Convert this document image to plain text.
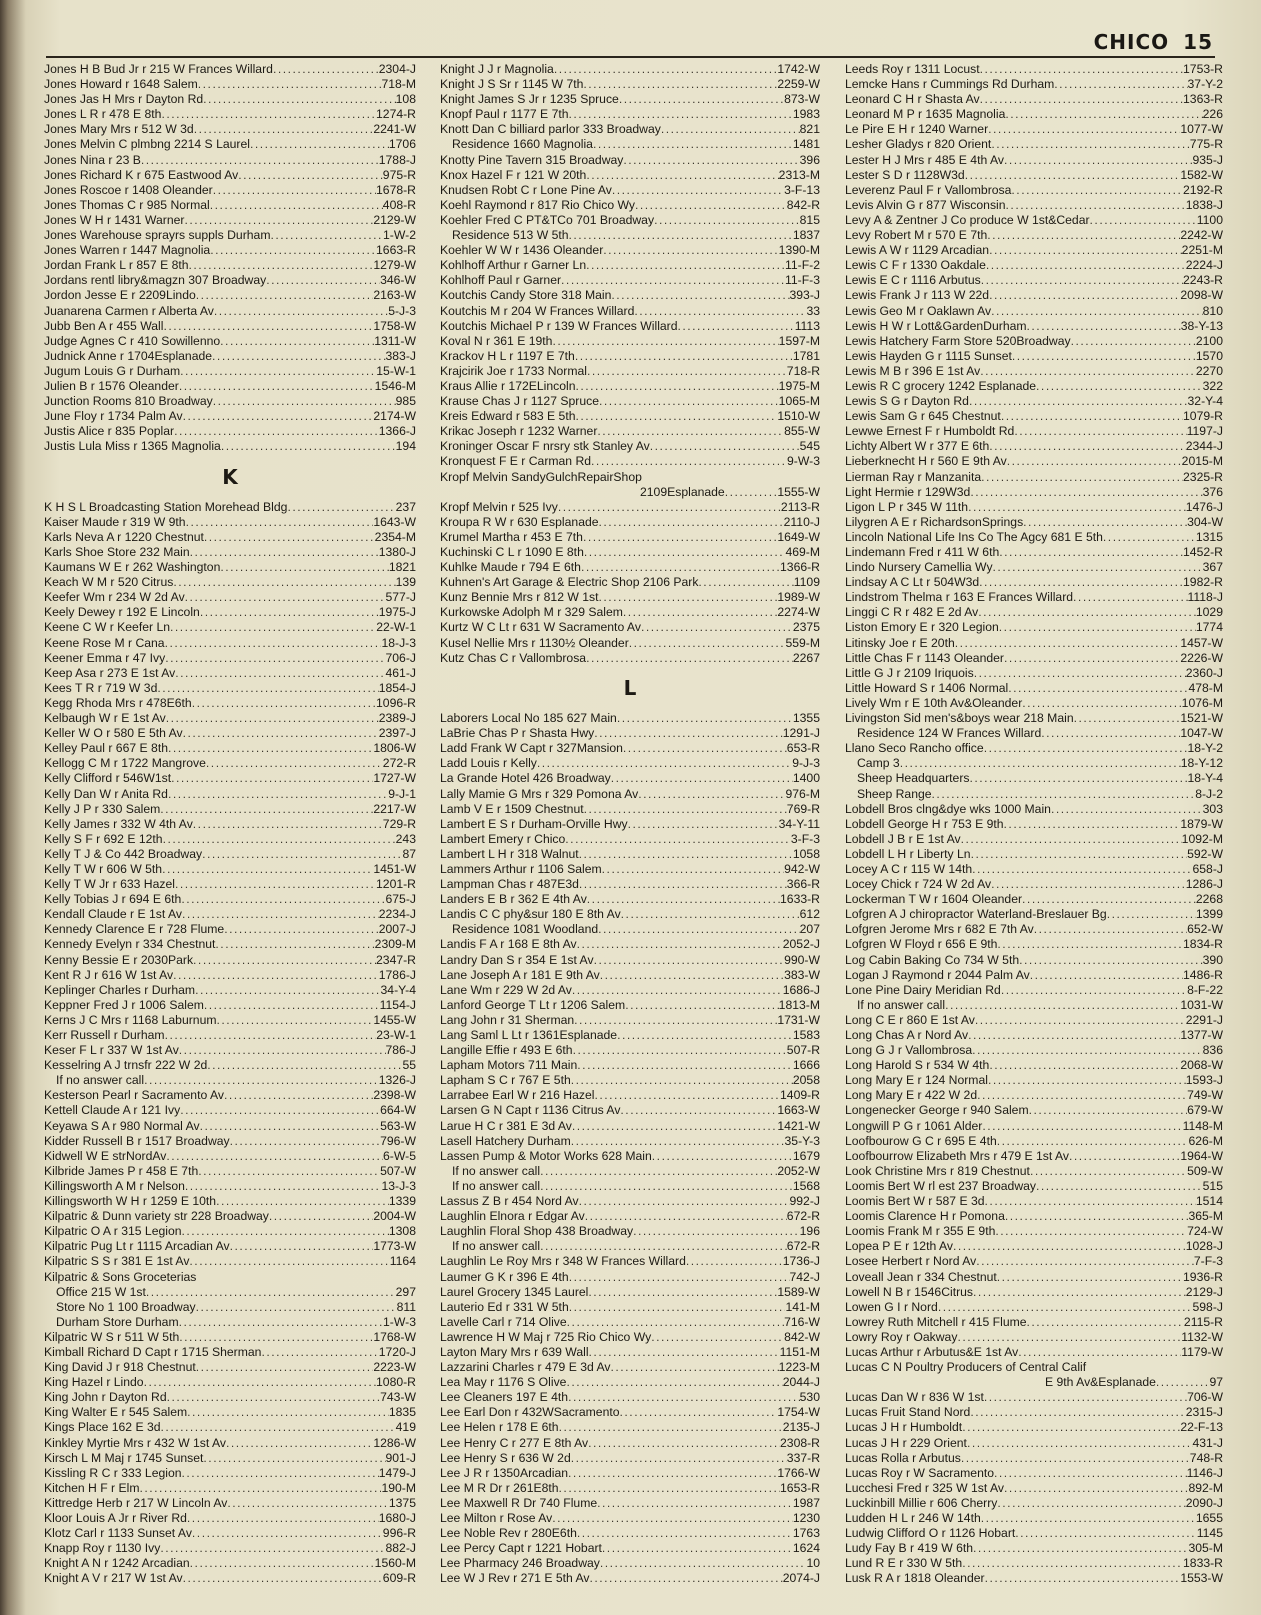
CHICO 15
Jones H B Bud Jr r 215 W Frances Willard .....	2304-J
Jones Howard r 1648 Salem .....	718-M
Jones Jas H Mrs r Dayton Rd .....	108
Jones L R r 478 E 8th .....	1274-R
Jones Mary Mrs r 512 W 3d .....	2241-W
Jones Melvin C plmbng 2214 S Laurel .....	1706
Jones Nina r 23 B .....	1788-J
Jones Richard K r 675 Eastwood Av .....	975-R
Jones Roscoe r 1408 Oleander .....	1678-R
Jones Thomas C r 985 Normal .....	408-R
Jones W H r 1431 Warner .....	2129-W
Jones Warehouse sprayrs suppls Durham .....	1-W-2
Jones Warren r 1447 Magnolia .....	1663-R
Jordan Frank L r 857 E 8th .....	1279-W
Jordans rentl libry&magzn 307 Broadway .....	346-W
Jordon Jesse E r 2209Lindo .....	2163-W
Juanarena Carmen r Alberta Av .....	5-J-3
Jubb Ben A r 455 Wall .....	1758-W
Judge Agnes C r 410 Sowillenno .....	1311-W
Judnick Anne r 1704Esplanade .....	383-J
Jugum Louis G r Durham .....	15-W-1
Julien B r 1576 Oleander .....	1546-M
Junction Rooms 810 Broadway .....	985
June Floy r 1734 Palm Av .....	2174-W
Justis Alice r 835 Poplar .....	1366-J
Justis Lula Miss r 1365 Magnolia .....	194
K
K H S L Broadcasting Station Morehead Bldg .....	237
Kaiser Maude r 319 W 9th .....	1643-W
Karls Neva A r 1220 Chestnut .....	2354-M
Karls Shoe Store 232 Main .....	1380-J
Kaumans W E r 262 Washington .....	1821
Keach W M r 520 Citrus .....	139
Keefer Wm r 234 W 2d Av .....	577-J
Keely Dewey r 192 E Lincoln .....	1975-J
Keene C W r Keefer Ln .....	22-W-1
Keene Rose M r Cana .....	18-J-3
Keener Emma r 47 Ivy .....	706-J
Keep Asa r 273 E 1st Av .....	461-J
Kees T R r 719 W 3d .....	1854-J
Kegg Rhoda Mrs r 478E6th .....	1096-R
Kelbaugh W r E 1st Av .....	2389-J
Keller W O r 580 E 5th Av .....	2397-J
Kelley Paul r 667 E 8th .....	1806-W
Kellogg C M r 1722 Mangrove .....	272-R
Kelly Clifford r 546W1st .....	1727-W
Kelly Dan W r Anita Rd .....	9-J-1
Kelly J P r 330 Salem .....	2217-W
Kelly James r 332 W 4th Av .....	729-R
Kelly S F r 692 E 12th .....	243
Kelly T J & Co 442 Broadway .....	87
Kelly T W r 606 W 5th .....	1451-W
Kelly T W Jr r 633 Hazel .....	1201-R
Kelly Tobias J r 694 E 6th .....	675-J
Kendall Claude r E 1st Av .....	2234-J
Kennedy Clarence E r 728 Flume .....	2007-J
Kennedy Evelyn r 334 Chestnut .....	2309-M
Kenny Bessie E r 2030Park .....	2347-R
Kent R J r 616 W 1st Av .....	1786-J
Keplinger Charles r Durham .....	34-Y-4
Keppner Fred J r 1006 Salem .....	1154-J
Kerns J C Mrs r 1168 Laburnum .....	1455-W
Kerr Russell r Durham .....	23-W-1
Keser F L r 337 W 1st Av .....	786-J
Kesselring A J trnsfr 222 W 2d .....	55
If no answer call .....	1326-J
Kesterson Pearl r Sacramento Av .....	2398-W
Kettell Claude A r 121 Ivy .....	664-W
Keyawa S A r 980 Normal Av .....	563-W
Kidder Russell B r 1517 Broadway .....	796-W
Kidwell W E strNordAv .....	6-W-5
Kilbride James P r 458 E 7th .....	507-W
Killingsworth A M r Nelson .....	13-J-3
Killingsworth W H r 1259 E 10th .....	1339
Kilpatric & Dunn variety str 228 Broadway .....	2004-W
Kilpatric O A r 315 Legion .....	1308
Kilpatric Pug Lt r 1115 Arcadian Av .....	1773-W
Kilpatric S S r 381 E 1st Av .....	1164
Kilpatric & Sons Groceterias
Office 215 W 1st .....	297
Store No 1 100 Broadway .....	811
Durham Store Durham .....	1-W-3
Kilpatric W S r 511 W 5th .....	1768-W
Kimball Richard D Capt r 1715 Sherman .....	1720-J
King David J r 918 Chestnut .....	2223-W
King Hazel r Lindo .....	1080-R
King John r Dayton Rd .....	743-W
King Walter E r 545 Salem .....	1835
Kings Place 162 E 3d .....	419
Kinkley Myrtie Mrs r 432 W 1st Av .....	1286-W
Kirsch L M Maj r 1745 Sunset .....	901-J
Kissling R C r 333 Legion .....	1479-J
Kitchen H F r Elm .....	190-M
Kittredge Herb r 217 W Lincoln Av .....	1375
Kloor Louis A Jr r River Rd .....	1680-J
Klotz Carl r 1133 Sunset Av .....	996-R
Knapp Roy r 1130 Ivy .....	882-J
Knight A N r 1242 Arcadian .....	1560-M
Knight A V r 217 W 1st Av .....	609-R
Knight J J r Magnolia .....	1742-W
Knight J S Sr r 1145 W 7th .....	2259-W
Knight James S Jr r 1235 Spruce .....	873-W
Knopf Paul r 1177 E 7th .....	1983
Knott Dan C billiard parlor 333 Broadway .....	821
Residence 1660 Magnolia .....	1481
Knotty Pine Tavern 315 Broadway .....	396
Knox Hazel F r 121 W 20th .....	2313-M
Knudsen Robt C r Lone Pine Av .....	3-F-13
Koehl Raymond r 817 Rio Chico Wy .....	842-R
Koehler Fred C PT&TCo 701 Broadway .....	815
Residence 513 W 5th .....	1837
Koehler W W r 1436 Oleander .....	1390-M
Kohlhoff Arthur r Garner Ln .....	11-F-2
Kohlhoff Paul r Garner .....	11-F-3
Koutchis Candy Store 318 Main .....	393-J
Koutchis M r 204 W Frances Willard .....	33
Koutchis Michael P r 139 W Frances Willard .....	1113
Koval N r 361 E 19th .....	1597-M
Krackov H L r 1197 E 7th .....	1781
Krajcirik Joe r 1733 Normal .....	718-R
Kraus Allie r 172ELincoln .....	1975-M
Krause Chas J r 1127 Spruce .....	1065-M
Kreis Edward r 583 E 5th .....	1510-W
Krikac Joseph r 1232 Warner .....	855-W
Kroninger Oscar F nrsry stk Stanley Av .....	545
Kronquest F E r Carman Rd .....	9-W-3
Kropf Melvin SandyGulchRepairShop
2109Esplanade .....	1555-W
Kropf Melvin r 525 Ivy .....	2113-R
Kroupa R W r 630 Esplanade .....	2110-J
Krumel Martha r 453 E 7th .....	1649-W
Kuchinski C L r 1090 E 8th .....	469-M
Kuhlke Maude r 794 E 6th .....	1366-R
Kuhnen's Art Garage & Electric Shop 2106 Park .....	1109
Kunz Bennie Mrs r 812 W 1st .....	1989-W
Kurkowske Adolph M r 329 Salem .....	2274-W
Kurtz W C Lt r 631 W Sacramento Av .....	2375
Kusel Nellie Mrs r 1130½ Oleander .....	559-M
Kutz Chas C r Vallombrosa .....	2267
L
Laborers Local No 185 627 Main .....	1355
LaBrie Chas P r Shasta Hwy .....	1291-J
Ladd Frank W Capt r 327Mansion .....	653-R
Ladd Louis r Kelly .....	9-J-3
La Grande Hotel 426 Broadway .....	1400
Lally Mamie G Mrs r 329 Pomona Av .....	976-M
Lamb V E r 1509 Chestnut .....	769-R
Lambert E S r Durham-Orville Hwy .....	34-Y-11
Lambert Emery r Chico .....	3-F-3
Lambert L H r 318 Walnut .....	1058
Lammers Arthur r 1106 Salem .....	942-W
Lampman Chas r 487E3d .....	366-R
Landers E B r 362 E 4th Av .....	1633-R
Landis C C phy&sur 180 E 8th Av .....	612
Residence 1081 Woodland .....	207
Landis F A r 168 E 8th Av .....	2052-J
Landry Dan S r 354 E 1st Av .....	990-W
Lane Joseph A r 181 E 9th Av .....	383-W
Lane Wm r 229 W 2d Av .....	1686-J
Lanford George T Lt r 1206 Salem .....	1813-M
Lang John r 31 Sherman .....	1731-W
Lang Saml L Lt r 1361Esplanade .....	1583
Langille Effie r 493 E 6th .....	507-R
Lapham Motors 711 Main .....	1666
Lapham S C r 767 E 5th .....	2058
Larrabee Earl W r 216 Hazel .....	1409-R
Larsen G N Capt r 1136 Citrus Av .....	1663-W
Larue H C r 381 E 3d Av .....	1421-W
Lasell Hatchery Durham .....	35-Y-3
Lassen Pump & Motor Works 628 Main .....	1679
If no answer call .....	2052-W
If no answer call .....	1568
Lassus Z B r 454 Nord Av .....	992-J
Laughlin Elnora r Edgar Av .....	672-R
Laughlin Floral Shop 438 Broadway .....	196
If no answer call .....	672-R
Laughlin Le Roy Mrs r 348 W Frances Willard .....	1736-J
Laumer G K r 396 E 4th .....	742-J
Laurel Grocery 1345 Laurel .....	1589-W
Lauterio Ed r 331 W 5th .....	141-M
Lavelle Carl r 714 Olive .....	716-W
Lawrence H W Maj r 725 Rio Chico Wy .....	842-W
Layton Mary Mrs r 639 Wall .....	1151-M
Lazzarini Charles r 479 E 3d Av .....	1223-M
Lea May r 1176 S Olive .....	2044-J
Lee Cleaners 197 E 4th .....	530
Lee Earl Don r 432WSacramento .....	1754-W
Lee Helen r 178 E 6th .....	2135-J
Lee Henry C r 277 E 8th Av .....	2308-R
Lee Henry S r 636 W 2d .....	337-R
Lee J R r 1350Arcadian .....	1766-W
Lee M R Dr r 261E8th .....	1653-R
Lee Maxwell R Dr 740 Flume .....	1987
Lee Milton r Rose Av .....	1230
Lee Noble Rev r 280E6th .....	1763
Lee Percy Capt r 1221 Hobart .....	1624
Lee Pharmacy 246 Broadway .....	10
Lee W J Rev r 271 E 5th Av .....	2074-J
Leeds Roy r 1311 Locust .....	1753-R
Lemcke Hans r Cummings Rd Durham .....	37-Y-2
Leonard C H r Shasta Av .....	1363-R
Leonard M P r 1635 Magnolia .....	226
Le Pire E H r 1240 Warner .....	1077-W
Lesher Gladys r 820 Orient .....	775-R
Lester H J Mrs r 485 E 4th Av .....	935-J
Lester S D r 1128W3d .....	1582-W
Leverenz Paul F r Vallombrosa .....	2192-R
Levis Alvin G r 877 Wisconsin .....	1838-J
Levy A & Zentner J Co produce W 1st&Cedar .....	1100
Levy Robert M r 570 E 7th .....	2242-W
Lewis A W r 1129 Arcadian .....	2251-M
Lewis C F r 1330 Oakdale .....	2224-J
Lewis E C r 1116 Arbutus .....	2243-R
Lewis Frank J r 113 W 22d .....	2098-W
Lewis Geo M r Oaklawn Av .....	810
Lewis H W r Lott&GardenDurham .....	38-Y-13
Lewis Hatchery Farm Store 520Broadway .....	2100
Lewis Hayden G r 1115 Sunset .....	1570
Lewis M B r 396 E 1st Av .....	2270
Lewis R C grocery 1242 Esplanade .....	322
Lewis S G r Dayton Rd .....	32-Y-4
Lewis Sam G r 645 Chestnut .....	1079-R
Lewwe Ernest F r Humboldt Rd .....	1197-J
Lichty Albert W r 377 E 6th .....	2344-J
Lieberknecht H r 560 E 9th Av .....	2015-M
Lierman Ray r Manzanita .....	2325-R
Light Hermie r 129W3d .....	376
Ligon L P r 345 W 11th .....	1476-J
Lilygren A E r RichardsonSprings .....	304-W
Lincoln National Life Ins Co The Agcy 681 E 5th .....	1315
Lindemann Fred r 411 W 6th .....	1452-R
Lindo Nursery Camellia Wy .....	367
Lindsay A C Lt r 504W3d .....	1982-R
Lindstrom Thelma r 163 E Frances Willard .....	1118-J
Linggi C R r 482 E 2d Av .....	1029
Liston Emory E r 320 Legion .....	1774
Litinsky Joe r E 20th .....	1457-W
Little Chas F r 1143 Oleander .....	2226-W
Little G J r 2109 Iriquois .....	2360-J
Little Howard S r 1406 Normal .....	478-M
Lively Wm r E 10th Av&Oleander .....	1076-M
Livingston Sid men's&boys wear 218 Main .....	1521-W
Residence 124 W Frances Willard .....	1047-W
Llano Seco Rancho office .....	18-Y-2
Camp 3 .....	18-Y-12
Sheep Headquarters .....	18-Y-4
Sheep Range .....	8-J-2
Lobdell Bros clng&dye wks 1000 Main .....	303
Lobdell George H r 753 E 9th .....	1879-W
Lobdell J B r E 1st Av .....	1092-M
Lobdell L H r Liberty Ln .....	592-W
Locey A C r 115 W 14th .....	658-J
Locey Chick r 724 W 2d Av .....	1286-J
Lockerman T W r 1604 Oleander .....	2268
Lofgren A J chiropractor Waterland-Breslauer Bg .....	1399
Lofgren Jerome Mrs r 682 E 7th Av .....	652-W
Lofgren W Floyd r 656 E 9th .....	1834-R
Log Cabin Baking Co 734 W 5th .....	390
Logan J Raymond r 2044 Palm Av .....	1486-R
Lone Pine Dairy Meridian Rd .....	8-F-22
If no answer call .....	1031-W
Long C E r 860 E 1st Av .....	2291-J
Long Chas A r Nord Av .....	1377-W
Long G J r Vallombrosa .....	836
Long Harold S r 534 W 4th .....	2068-W
Long Mary E r 124 Normal .....	1593-J
Long Mary E r 422 W 2d .....	749-W
Longenecker George r 940 Salem .....	679-W
Longwill P G r 1061 Alder .....	1148-M
Loofbourow G C r 695 E 4th .....	626-M
Loofbourrow Elizabeth Mrs r 479 E 1st Av .....	1964-W
Look Christine Mrs r 819 Chestnut .....	509-W
Loomis Bert W rl est 237 Broadway .....	515
Loomis Bert W r 587 E 3d .....	1514
Loomis Clarence H r Pomona .....	365-M
Loomis Frank M r 355 E 9th .....	724-W
Lopea P E r 12th Av .....	1028-J
Losee Herbert r Nord Av .....	7-F-3
Loveall Jean r 334 Chestnut .....	1936-R
Lowell N B r 1546Citrus .....	2129-J
Lowen G I r Nord .....	598-J
Lowrey Ruth Mitchell r 415 Flume .....	2115-R
Lowry Roy r Oakway .....	1132-W
Lucas Arthur r Arbutus&E 1st Av .....	1179-W
Lucas C N Poultry Producers of Central Calif
E 9th Av&Esplanade .....	97
Lucas Dan W r 836 W 1st .....	706-W
Lucas Fruit Stand Nord .....	2315-J
Lucas J H r Humboldt .....	22-F-13
Lucas J H r 229 Orient .....	431-J
Lucas Rolla r Arbutus .....	748-R
Lucas Roy r W Sacramento .....	1146-J
Lucchesi Fred r 325 W 1st Av .....	892-M
Luckinbill Millie r 606 Cherry .....	2090-J
Ludden H L r 246 W 14th .....	1655
Ludwig Clifford O r 1126 Hobart .....	1145
Ludy Fay B r 419 W 6th .....	305-M
Lund R E r 330 W 5th .....	1833-R
Lusk R A r 1818 Oleander .....	1553-W
